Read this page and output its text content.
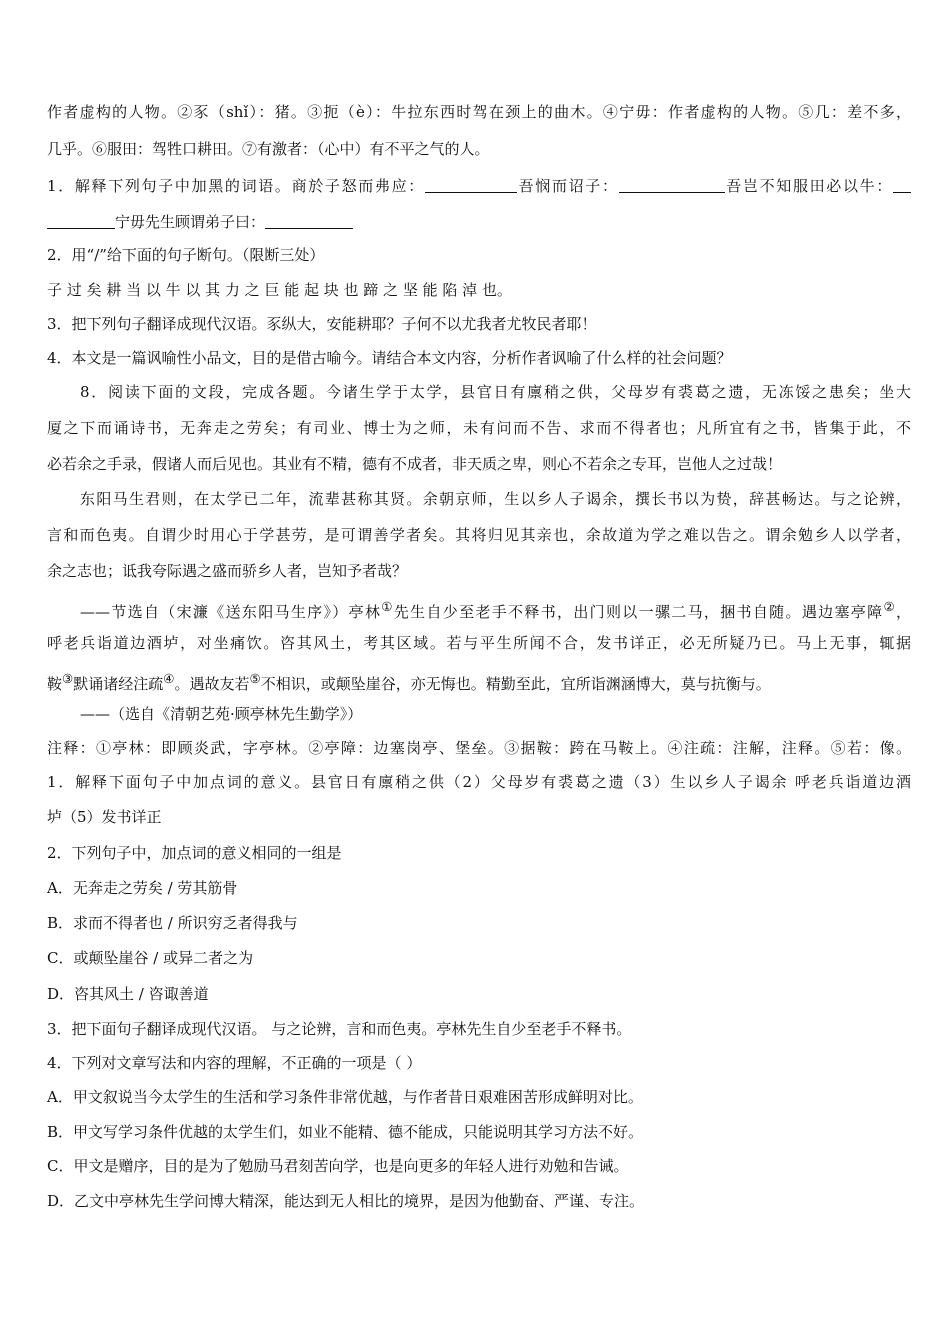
作者虚构的人物。②豕（shǐ）：猪。③扼（è）：牛拉东西时驾在颈上的曲木。④宁毋：作者虚构的人物。⑤几：差不多，
几乎。⑥服田：驾牲口耕田。⑦有激者：（心中）有不平之气的人。
1．解释下列句子中加黑的词语。商於子怒而弗应：	吾悯而诏子：	吾岂不知服田必以牛：
宁毋先生顾谓弟子曰：
2．用“/”给下面的句子断句。（限断三处）
子 过 矣 耕 当 以 牛 以 其 力 之 巨 能 起 块 也 蹄 之 坚 能 陷 淖 也。
3．把下列句子翻译成现代汉语。豕纵大，安能耕耶？子何不以尤我者尤牧民者耶！
4．本文是一篇讽喻性小品文，目的是借古喻今。请结合本文内容，分析作者讽喻了什么样的社会问题？
8．阅读下面的文段，完成各题。今诸生学于太学，县官日有廪稍之供，父母岁有裘葛之遗，无冻馁之患矣；坐大
厦之下而诵诗书，无奔走之劳矣；有司业、博士为之师，未有问而不告、求而不得者也；凡所宜有之书，皆集于此，不
必若余之手录，假诸人而后见也。其业有不精，德有不成者，非天质之卑，则心不若余之专耳，岂他人之过哉！
东阳马生君则，在太学已二年，流辈甚称其贤。余朝京师，生以乡人子谒余，撰长书以为贽，辞甚畅达。与之论辨，
言和而色夷。自谓少时用心于学甚劳，是可谓善学者矣。其将归见其亲也，余故道为学之难以告之。谓余勉乡人以学者，
余之志也；诋我夸际遇之盛而骄乡人者，岂知予者哉？
——节选自（宋濂《送东阳马生序》）亭林①先生自少至老手不释书，出门则以一骡二马，捆书自随。遇边塞亭障②，
呼老兵诣道边酒垆，对坐痛饮。咨其风土，考其区域。若与平生所闻不合，发书详正，必无所疑乃已。马上无事，辄据
鞍③默诵诸经注疏④。遇故友若⑤不相识，或颠坠崖谷，亦无悔也。精勤至此，宜所诣渊涵博大，莫与抗衡与。
——（选自《清朝艺苑·顾亭林先生勤学》）
注释：①亭林：即顾炎武，字亭林。②亭障：边塞岗亭、堡垒。③据鞍：跨在马鞍上。④注疏：注解，注释。⑤若：像。
1．解释下面句子中加点词的意义。县官日有廪稍之供（2）父母岁有裘葛之遗（3）生以乡人子谒余 呼老兵诣道边酒
垆（5）发书详正
2．下列句子中，加点词的意义相同的一组是
A．无奔走之劳矣 / 劳其筋骨
B．求而不得者也 / 所识穷乏者得我与
C．或颠坠崖谷 / 或异二者之为
D．咨其风土 / 咨诹善道
3．把下面句子翻译成现代汉语。 与之论辨，言和而色夷。亭林先生自少至老手不释书。
4．下列对文章写法和内容的理解，不正确的一项是（ ）
A．甲文叙说当今太学生的生活和学习条件非常优越，与作者昔日艰难困苦形成鲜明对比。
B．甲文写学习条件优越的太学生们，如业不能精、德不能成，只能说明其学习方法不好。
C．甲文是赠序，目的是为了勉励马君刻苦向学，也是向更多的年轻人进行劝勉和告诫。
D．乙文中亭林先生学问博大精深，能达到无人相比的境界，是因为他勤奋、严谨、专注。
